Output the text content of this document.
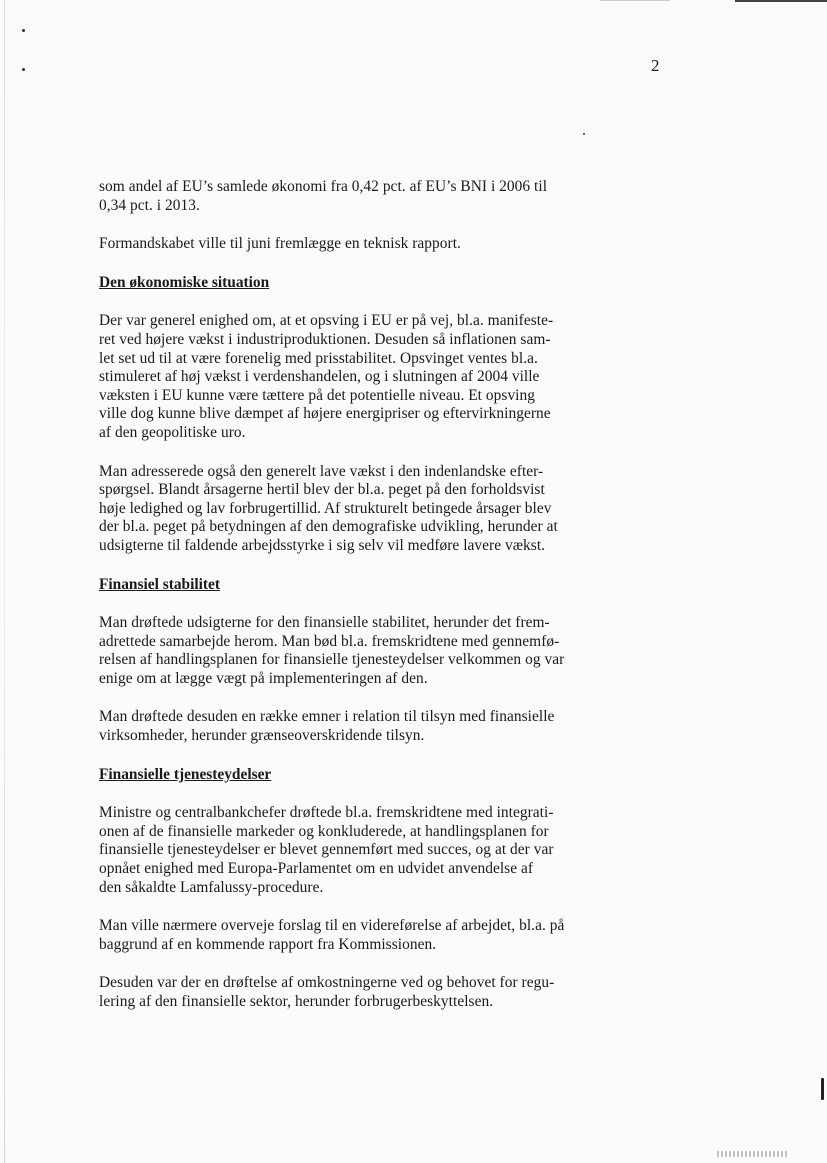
2
som andel af EU’s samlede økonomi fra 0,42 pct. af EU’s BNI i 2006 til
0,34 pct. i 2013.
Formandskabet ville til juni fremlægge en teknisk rapport.
Den økonomiske situation
Der var generel enighed om, at et opsving i EU er på vej, bl.a. manifeste-
ret ved højere vækst i industriproduktionen. Desuden så inflationen sam-
let set ud til at være forenelig med prisstabilitet. Opsvinget ventes bl.a.
stimuleret af høj vækst i verdenshandelen, og i slutningen af 2004 ville
væksten i EU kunne være tættere på det potentielle niveau. Et opsving
ville dog kunne blive dæmpet af højere energipriser og eftervirkningerne
af den geopolitiske uro.
Man adresserede også den generelt lave vækst i den indenlandske efter-
spørgsel. Blandt årsagerne hertil blev der bl.a. peget på den forholdsvist
høje ledighed og lav forbrugertillid. Af strukturelt betingede årsager blev
der bl.a. peget på betydningen af den demografiske udvikling, herunder at
udsigterne til faldende arbejdsstyrke i sig selv vil medføre lavere vækst.
Finansiel stabilitet
Man drøftede udsigterne for den finansielle stabilitet, herunder det frem-
adrettede samarbejde herom. Man bød bl.a. fremskridtene med gennemfø-
relsen af handlingsplanen for finansielle tjenesteydelser velkommen og var
enige om at lægge vægt på implementeringen af den.
Man drøftede desuden en række emner i relation til tilsyn med finansielle
virksomheder, herunder grænseoverskridende tilsyn.
Finansielle tjenesteydelser
Ministre og centralbankchefer drøftede bl.a. fremskridtene med integrati-
onen af de finansielle markeder og konkluderede, at handlingsplanen for
finansielle tjenesteydelser er blevet gennemført med succes, og at der var
opnået enighed med Europa-Parlamentet om en udvidet anvendelse af
den såkaldte Lamfalussy-procedure.
Man ville nærmere overveje forslag til en videreførelse af arbejdet, bl.a. på
baggrund af en kommende rapport fra Kommissionen.
Desuden var der en drøftelse af omkostningerne ved og behovet for regu-
lering af den finansielle sektor, herunder forbrugerbeskyttelsen.
